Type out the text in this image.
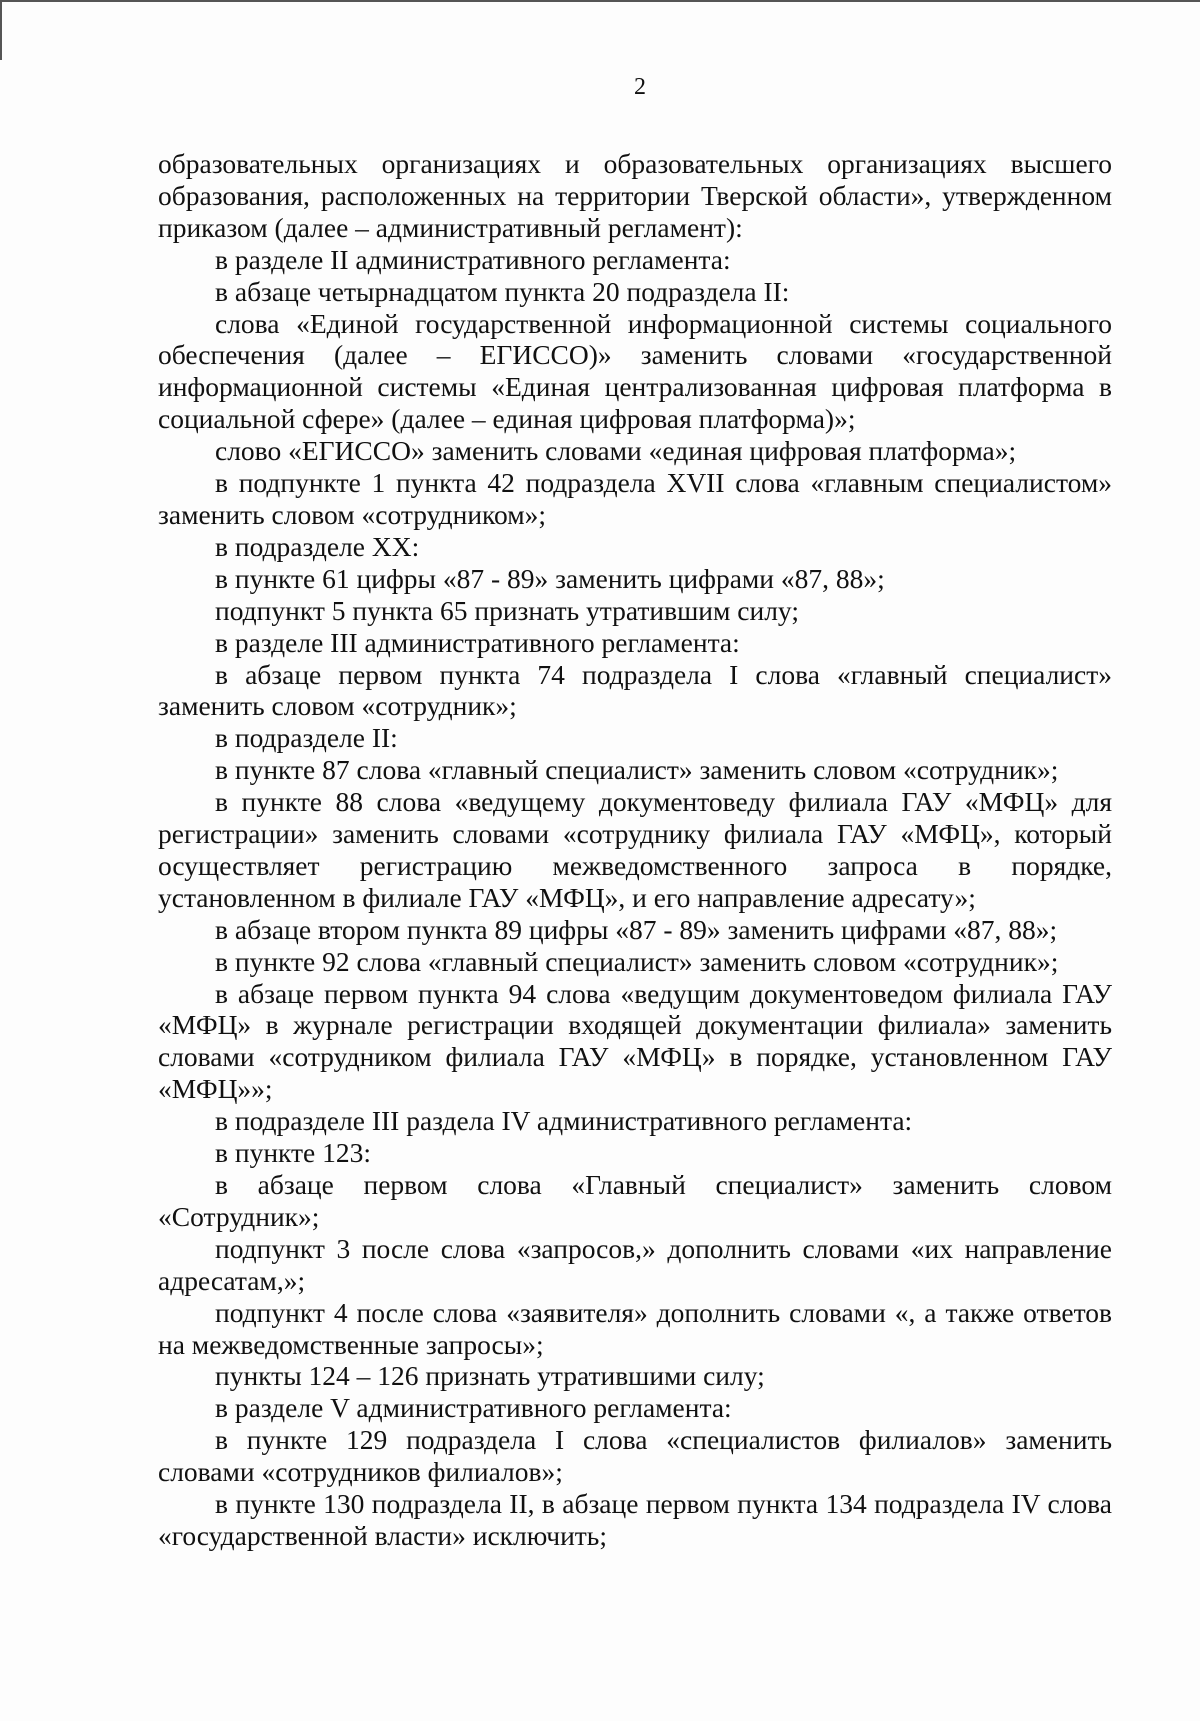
2

образовательных организациях и образовательных организациях высшего образования, расположенных на территории Тверской области», утвержденном приказом (далее – административный регламент):

в разделе II административного регламента:

в абзаце четырнадцатом пункта 20 подраздела II:

слова «Единой государственной информационной системы социального обеспечения (далее – ЕГИССО)» заменить словами «государственной информационной системы «Единая централизованная цифровая платформа в социальной сфере» (далее – единая цифровая платформа)»;

слово «ЕГИССО» заменить словами «единая цифровая платформа»;

в подпункте 1 пункта 42 подраздела XVII слова «главным специалистом» заменить словом «сотрудником»;

в подразделе XX:

в пункте 61 цифры «87 - 89» заменить цифрами «87, 88»;

подпункт 5 пункта 65 признать утратившим силу;

в разделе III административного регламента:

в абзаце первом пункта 74 подраздела I слова «главный специалист» заменить словом «сотрудник»;

в подразделе II:

в пункте 87 слова «главный специалист» заменить словом «сотрудник»;

в пункте 88 слова «ведущему документоведу филиала ГАУ «МФЦ» для регистрации» заменить словами «сотруднику филиала ГАУ «МФЦ», который осуществляет регистрацию межведомственного запроса в порядке, установленном в филиале ГАУ «МФЦ», и его направление адресату»;

в абзаце втором пункта 89 цифры «87 - 89» заменить цифрами «87, 88»;

в пункте 92 слова «главный специалист» заменить словом «сотрудник»;

в абзаце первом пункта 94 слова «ведущим документоведом филиала ГАУ «МФЦ» в журнале регистрации входящей документации филиала» заменить словами «сотрудником филиала ГАУ «МФЦ» в порядке, установленном ГАУ «МФЦ»»;

в подразделе III раздела IV административного регламента:

в пункте 123:

в абзаце первом слова «Главный специалист» заменить словом «Сотрудник»;

подпункт 3 после слова «запросов,» дополнить словами «их направление адресатам,»;

подпункт 4 после слова «заявителя» дополнить словами «, а также ответов на межведомственные запросы»;

пункты 124 – 126 признать утратившими силу;

в разделе V административного регламента:

в пункте 129 подраздела I слова «специалистов филиалов» заменить словами «сотрудников филиалов»;

в пункте 130 подраздела II, в абзаце первом пункта 134 подраздела IV слова «государственной власти» исключить;
